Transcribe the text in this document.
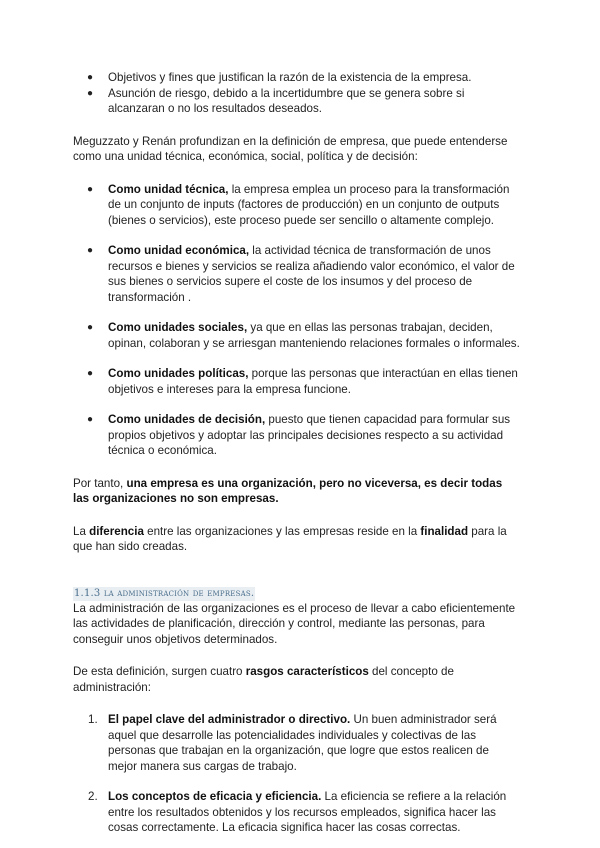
● Objetivos y fines que justifican la razón de la existencia de la empresa.
● Asunción de riesgo, debido a la incertidumbre que se genera sobre si alcanzaran o no los resultados deseados.

Meguzzato y Renán profundizan en la definición de empresa, que puede entenderse como una unidad técnica, económica, social, política y de decisión:

● Como unidad técnica, la empresa emplea un proceso para la transformación de un conjunto de inputs (factores de producción) en un conjunto de outputs (bienes o servicios), este proceso puede ser sencillo o altamente complejo.
● Como unidad económica, la actividad técnica de transformación de unos recursos e bienes y servicios se realiza añadiendo valor económico, el valor de sus bienes o servicios supere el coste de los insumos y del proceso de transformación .
● Como unidades sociales, ya que en ellas las personas trabajan, deciden, opinan, colaboran y se arriesgan manteniendo relaciones formales o informales.
● Como unidades políticas, porque las personas que interactúan en ellas tienen objetivos e intereses para la empresa funcione.
● Como unidades de decisión, puesto que tienen capacidad para formular sus propios objetivos y adoptar las principales decisiones respecto a su actividad técnica o económica.

Por tanto, una empresa es una organización, pero no viceversa, es decir todas las organizaciones no son empresas.

La diferencia entre las organizaciones y las empresas reside en la finalidad para la que han sido creadas.

1.1.3 la administración de empresas.

La administración de las organizaciones es el proceso de llevar a cabo eficientemente las actividades de planificación, dirección y control, mediante las personas, para conseguir unos objetivos determinados.

De esta definición, surgen cuatro rasgos característicos del concepto de administración:

1. El papel clave del administrador o directivo. Un buen administrador será aquel que desarrolle las potencialidades individuales y colectivas de las personas que trabajan en la organización, que logre que estos realicen de mejor manera sus cargas de trabajo.
2. Los conceptos de eficacia y eficiencia. La eficiencia se refiere a la relación entre los resultados obtenidos y los recursos empleados, significa hacer las cosas correctamente. La eficacia significa hacer las cosas correctas.
